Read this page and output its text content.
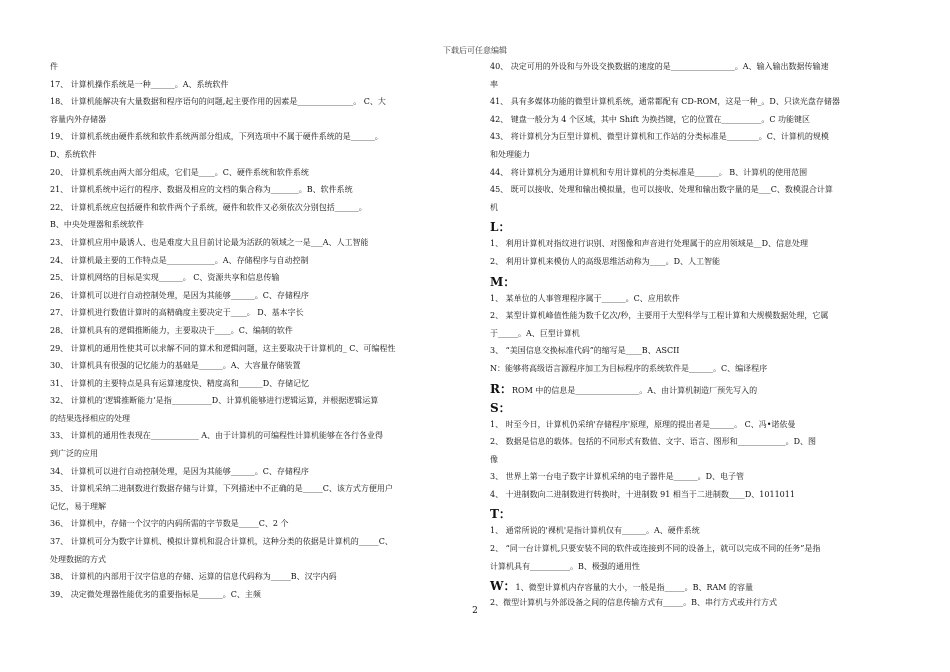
下载后可任意编辑
件
17、 计算机操作系统是一种______。A、系统软件
18、 计算机能解决有大量数据和程序语句的问题,起主要作用的因素是______________。 C、大
容量内外存储器
19、 计算机系统由硬件系统和软件系统两部分组成，下列选项中不属于硬件系统的是______。
D、系统软件
20、 计算机系统由两大部分组成，它们是____。C、硬件系统和软件系统
21、 计算机系统中运行的程序、数据及相应的文档的集合称为_______。B、软件系统
22、 计算机系统应包括硬件和软件两个子系统，硬件和软件又必须依次分别包括______。
B、中央处理器和系统软件
23、 计算机应用中最诱人、也是难度大且目前讨论最为活跃的领域之一是___A、人工智能
24、 计算机最主要的工作特点是____________。A、存储程序与自动控制
25、 计算机网络的目标是实现______。 C、资源共享和信息传输
26、 计算机可以进行自动控制处理，是因为其能够______。C、存储程序
27、 计算机进行数值计算时的高精确度主要决定于____。 D、基本字长
28、 计算机具有的逻辑推断能力，主要取决于____。C、编制的软件
29、 计算机的通用性使其可以求解不同的算术和逻辑问题，这主要取决于计算机的_ C、可编程性
30、 计算机具有很强的记忆能力的基础是______。A、大容量存储装置
31、 计算机的主要特点是具有运算速度快、精度高和______D、存储记忆
32、 计算机的‘逻辑推断能力’是指__________D、计算机能够进行逻辑运算，并根据逻辑运算
的结果选择相应的处理
33、 计算机的通用性表现在____________ A、由于计算机的可编程性计算机能够在各行各业得
到广泛的应用
34、 计算机可以进行自动控制处理，是因为其能够______。C、存储程序
35、 计算机采纳二进制数进行数据存储与计算，下列描述中不正确的是_____C、该方式方便用户
记忆，易于理解
36、 计算机中，存储一个汉字的内码所需的字节数是_____C、2 个
37、 计算机可分为数字计算机、模拟计算机和混合计算机，这种分类的依据是计算机的_____C、
处理数据的方式
38、 计算机的内部用于汉字信息的存储、运算的信息代码称为_____B、汉字内码
39、 决定微处理器性能优劣的重要指标是______。C、主频
40、 决定可用的外设和与外设交换数据的速度的是________________。A、输入输出数据传输速
率
41、 具有多媒体功能的微型计算机系统，通常都配有 CD-ROM，这是一种_。D、只读光盘存储器
42、 键盘一般分为 4 个区域，其中 Shift 为换挡键，它的位置在__________。C 功能键区
43、 将计算机分为巨型计算机、微型计算机和工作站的分类标准是________。C、计算机的规模
和处理能力
44、 将计算机分为通用计算机和专用计算机的分类标准是______。 B、计算机的使用范围
45、 既可以接收、处理和输出模拟量，也可以接收、处理和输出数字量的是___C、数模混合计算
机
L：
1、 利用计算机对指纹进行识别、对图像和声音进行处理属于的应用领域是__D、信息处理
2、 利用计算机来模仿人的高级思维活动称为____。D、人工智能
M：
1、 某单位的人事管理程序属于______。C、应用软件
2、 某型计算机峰值性能为数千亿次/秒，主要用于大型科学与工程计算和大规模数据处理，它属
于_____。A、巨型计算机
3、 “美国信息交换标准代码”的缩写是____B、ASCII
N：能够将高级语言源程序加工为目标程序的系统软件是______。C、编译程序
R：ROM 中的信息是________________。A、由计算机制造厂预先写入的
S：
1、 时至今日，计算机仍采纳'存储程序'原理，原理的提出者是______。 C、冯•诺依曼
2、 数据是信息的载体。包括的不同形式有数值、文字、语言、图形和____________。D、图
像
3、 世界上第一台电子数字计算机采纳的电子器件是______。D、电子管
4、 十进制数向二进制数进行转换时，十进制数 91 相当于二进制数____D、1011011
T：
1、 通常所说的'裸机'是指计算机仅有______。A、硬件系统
2、 “同一台计算机,只要安装不同的软件或连接到不同的设备上，就可以完成不同的任务”是指
计算机具有__________。B、极强的通用性
W：1、微型计算机内存容量的大小，一般是指_____。B、RAM 的容量
2、微型计算机与外部设备之间的信息传输方式有_____。B、串行方式或并行方式
2
